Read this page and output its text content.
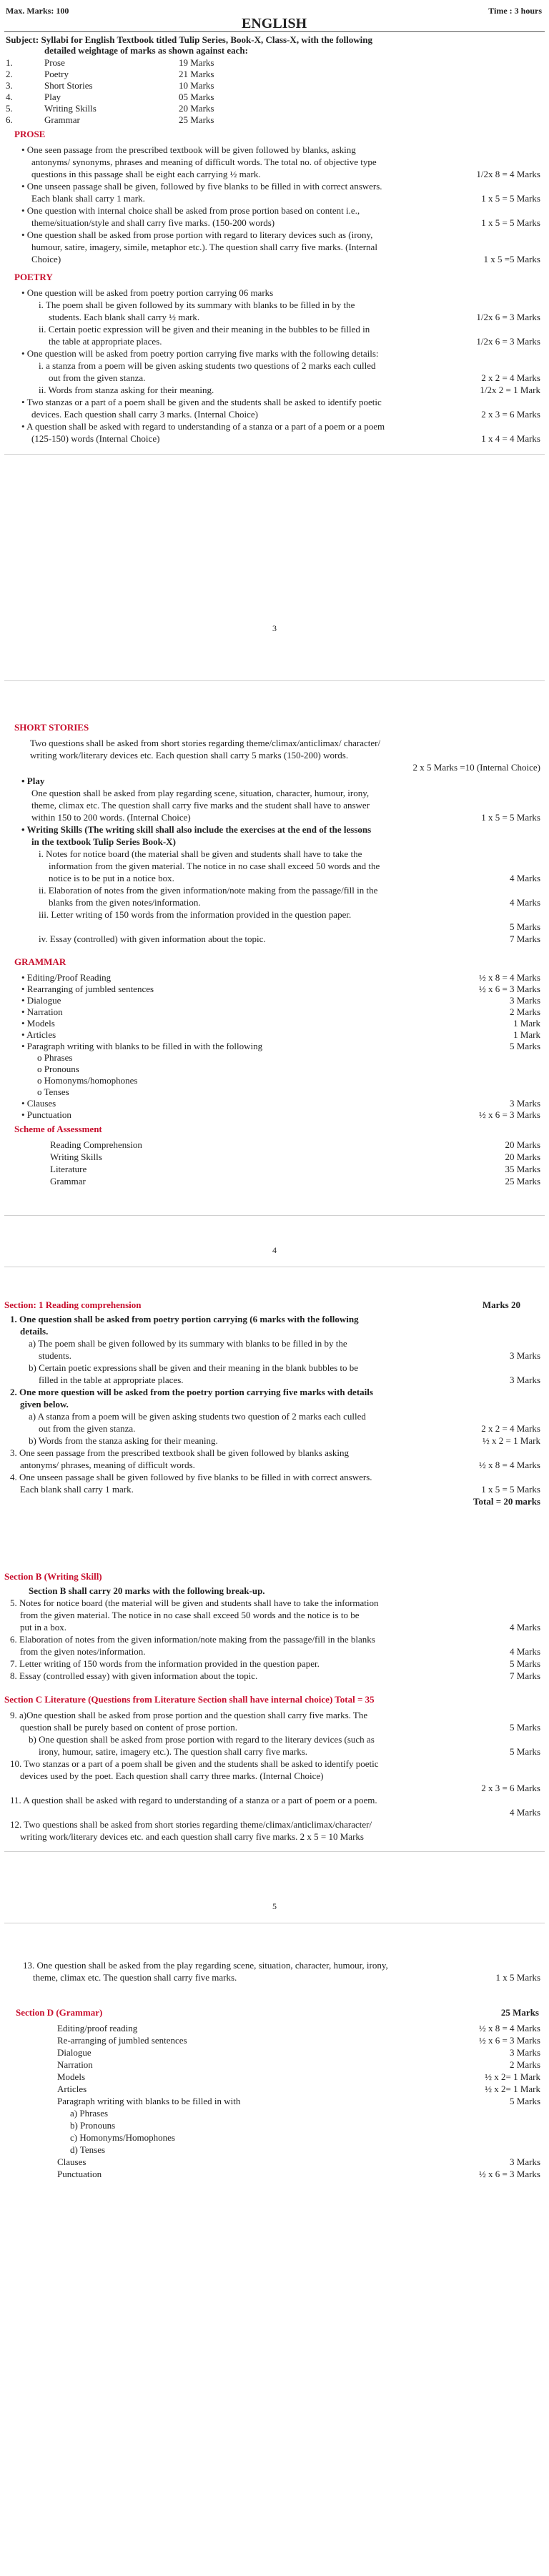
Max. Marks: 100
ENGLISH
Time : 3 hours
Subject: Syllabi for English Textbook titled Tulip Series, Book-X, Class-X, with the following
detailed weightage of marks as shown against each:
1.	Prose	19 Marks
2.	Poetry	21 Marks
3.	Short Stories	10 Marks
4.	Play	05 Marks
5.	Writing Skills	20 Marks
6.	Grammar	25 Marks
PROSE
• One seen passage from the prescribed textbook will be given followed by blanks, asking
antonyms/ synonyms, phrases and meaning of difficult words. The total no. of objective type
questions in this passage shall be eight each carrying ½ mark.	1/2x 8 = 4 Marks
• One unseen passage shall be given, followed by five blanks to be filled in with correct answers.
Each blank shall carry 1 mark.	1 x 5 = 5 Marks
• One question with internal choice shall be asked from prose portion based on content i.e.,
theme/situation/style and shall carry five marks. (150-200 words)	1 x 5 = 5 Marks
• One question shall be asked from prose portion with regard to literary devices such as (irony,
humour, satire, imagery, simile, metaphor etc.). The question shall carry five marks. (Internal
Choice)	1 x 5 =5 Marks
POETRY
• One question will be asked from poetry portion carrying 06 marks
i. The poem shall be given followed by its summary with blanks to be filled in by the
students. Each blank shall carry ½ mark.	1/2x 6 = 3 Marks
ii. Certain poetic expression will be given and their meaning in the bubbles to be filled in
the table at appropriate places.	1/2x 6 = 3 Marks
• One question will be asked from poetry portion carrying five marks with the following details:
i. a stanza from a poem will be given asking students two questions of 2 marks each culled
out from the given stanza.	2 x 2 = 4 Marks
ii. Words from stanza asking for their meaning.	1/2x 2 = 1 Mark
• Two stanzas or a part of a poem shall be given and the students shall be asked to identify poetic
devices. Each question shall carry 3 marks. (Internal Choice)	2 x 3 = 6 Marks
• A question shall be asked with regard to understanding of a stanza or a part of a poem or a poem
(125-150) words (Internal Choice)	1 x 4 = 4 Marks
3
SHORT STORIES
Two questions shall be asked from short stories regarding theme/climax/anticlimax/ character/
writing work/literary devices etc. Each question shall carry 5 marks (150-200) words.
2 x 5 Marks =10 (Internal Choice)
• Play
One question shall be asked from play regarding scene, situation, character, humour, irony,
theme, climax etc. The question shall carry five marks and the student shall have to answer
within 150 to 200 words. (Internal Choice)	1 x 5 = 5 Marks
• Writing Skills (The writing skill shall also include the exercises at the end of the lessons
in the textbook Tulip Series Book-X)
i. Notes for notice board (the material shall be given and students shall have to take the
information from the given material. The notice in no case shall exceed 50 words and the
notice is to be put in a notice box.	4 Marks
ii. Elaboration of notes from the given information/note making from the passage/fill in the
blanks from the given notes/information.	4 Marks
iii. Letter writing of 150 words from the information provided in the question paper.
5 Marks
iv. Essay (controlled) with given information about the topic.	7 Marks
GRAMMAR
• Editing/Proof Reading	½ x 8 = 4 Marks
• Rearranging of jumbled sentences	½ x 6 = 3 Marks
• Dialogue	3 Marks
• Narration	2 Marks
• Models	1 Mark
• Articles	1 Mark
• Paragraph writing with blanks to be filled in with the following	5 Marks
o Phrases
o Pronouns
o Homonyms/homophones
o Tenses
• Clauses	3 Marks
• Punctuation	½ x 6 = 3 Marks
Scheme of Assessment
Reading Comprehension	20 Marks
Writing Skills	20 Marks
Literature	35 Marks
Grammar	25 Marks
4
Section: 1 Reading comprehension	Marks 20
1. One question shall be asked from poetry portion carrying (6 marks with the following
details.
a) The poem shall be given followed by its summary with blanks to be filled in by the
students.	3 Marks
b) Certain poetic expressions shall be given and their meaning in the blank bubbles to be
filled in the table at appropriate places.	3 Marks
2. One more question will be asked from the poetry portion carrying five marks with details
given below.
a) A stanza from a poem will be given asking students two question of 2 marks each culled
out from the given stanza.	2 x 2 = 4 Marks
b) Words from the stanza asking for their meaning.	½ x 2 = 1 Mark
3. One seen passage from the prescribed textbook shall be given followed by blanks asking
antonyms/ phrases, meaning of difficult words.	½ x 8 = 4 Marks
4. One unseen passage shall be given followed by five blanks to be filled in with correct answers.
Each blank shall carry 1 mark.	1 x 5 = 5 Marks
Total = 20 marks
Section B (Writing Skill)
Section B shall carry 20 marks with the following break-up.
5. Notes for notice board (the material will be given and students shall have to take the information
from the given material. The notice in no case shall exceed 50 words and the notice is to be
put in a box.	4 Marks
6. Elaboration of notes from the given information/note making from the passage/fill in the blanks
from the given notes/information.	4 Marks
7. Letter writing of 150 words from the information provided in the question paper.	5 Marks
8. Essay (controlled essay) with given information about the topic.	7 Marks
Section C Literature (Questions from Literature Section shall have internal choice) Total = 35
9. a)One question shall be asked from prose portion and the question shall carry five marks. The
question shall be purely based on content of prose portion.	5 Marks
b) One question shall be asked from prose portion with regard to the literary devices (such as
irony, humour, satire, imagery etc.). The question shall carry five marks.	5 Marks
10. Two stanzas or a part of a poem shall be given and the students shall be asked to identify poetic
devices used by the poet. Each question shall carry three marks. (Internal Choice)
2 x 3 = 6 Marks
11. A question shall be asked with regard to understanding of a stanza or a part of poem or a poem.
4 Marks
12. Two questions shall be asked from short stories regarding theme/climax/anticlimax/character/
writing work/literary devices etc. and each question shall carry five marks. 2 x 5 = 10 Marks
5
13. One question shall be asked from the play regarding scene, situation, character, humour, irony,
theme, climax etc. The question shall carry five marks.	1 x 5 Marks
Section D (Grammar)	25 Marks
Editing/proof reading	½ x 8 = 4 Marks
Re-arranging of jumbled sentences	½ x 6 = 3 Marks
Dialogue	3 Marks
Narration	2 Marks
Models	½ x 2= 1 Mark
Articles	½ x 2= 1 Mark
Paragraph writing with blanks to be filled in with	5 Marks
a) Phrases
b) Pronouns
c) Homonyms/Homophones
d) Tenses
Clauses	3 Marks
Punctuation	½ x 6 = 3 Marks
